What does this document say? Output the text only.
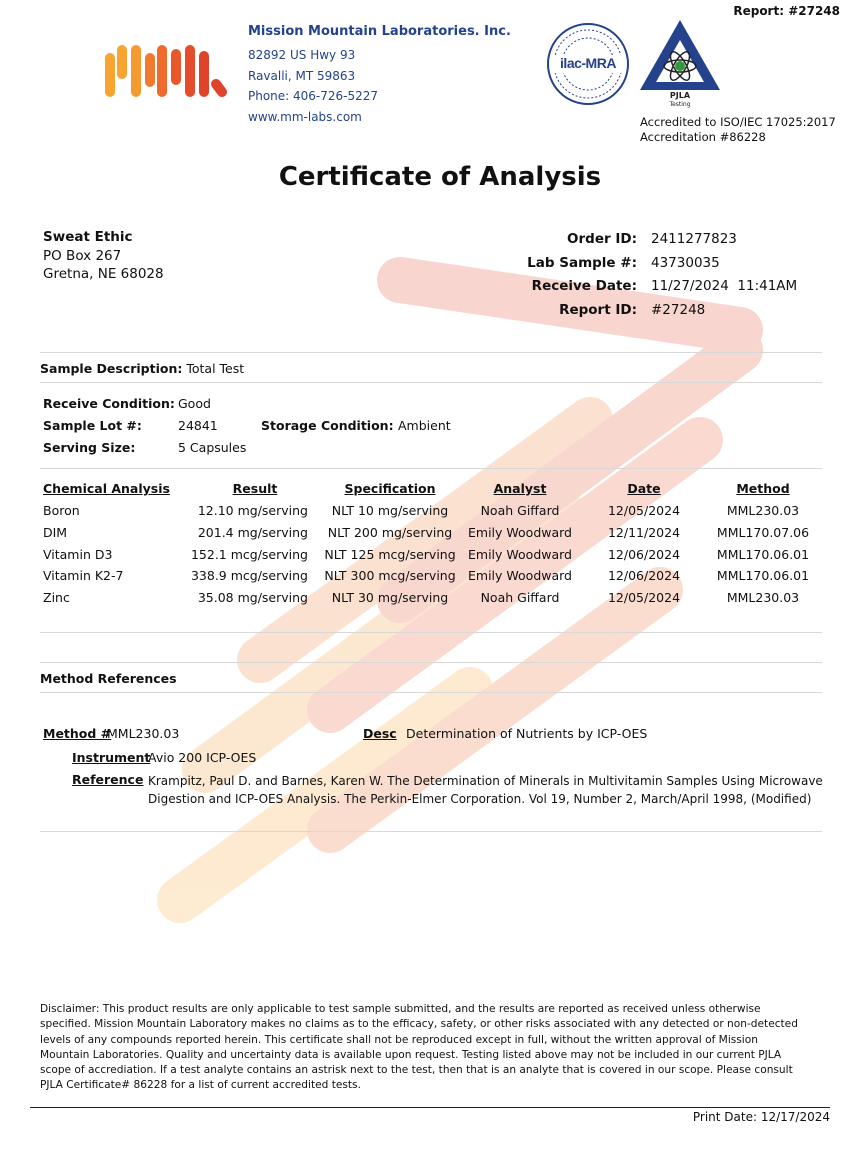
Report: #27248
Mission Mountain Laboratories. Inc.
82892 US Hwy 93
Ravalli, MT 59863
Phone: 406-726-5227
www.mm-labs.com
ilac-MRA
PJLA
Testing
Accredited to ISO/IEC 17025:2017
Accreditation #86228
Certificate of Analysis
Sweat Ethic
PO Box 267
Gretna, NE 68028
Order ID: 2411277823
Lab Sample #: 43730035
Receive Date: 11/27/2024  11:41AM
Report ID: #27248
Sample Description: Total Test
Receive Condition: Good
Sample Lot #:	24841	Storage Condition: Ambient
Serving Size:	5 Capsules
Chemical Analysis	Result	Specification	Analyst	Date	Method
Boron	12.10 mg/serving NLT 10 mg/serving	Noah Giffard	12/05/2024	MML230.03
DIM	201.4 mg/serving NLT 200 mg/serving Emily Woodward	12/11/2024	MML170.07.06
Vitamin D3	152.1 mcg/serving NLT 125 mcg/serving Emily Woodward	12/06/2024	MML170.06.01
Vitamin K2-7	338.9 mcg/serving NLT 300 mcg/serving Emily Woodward	12/06/2024	MML170.06.01
Zinc	35.08 mg/serving NLT 30 mg/serving	Noah Giffard	12/05/2024	MML230.03
Method References
Method #
MML230.03	Desc Determination of Nutrients by ICP-OES
Instrument
Avio 200 ICP-OES
Reference Krampitz, Paul D. and Barnes, Karen W. The Determination of Minerals in Multivitamin Samples Using Microwave
Digestion and ICP-OES Analysis. The Perkin-Elmer Corporation. Vol 19, Number 2, March/April 1998, (Modified)
Disclaimer: This product results are only applicable to test sample submitted, and the results are reported as received unless otherwise
specified. Mission Mountain Laboratory makes no claims as to the efficacy, safety, or other risks associated with any detected or non-detected
levels of any compounds reported herein. This certificate shall not be reproduced except in full, without the written approval of Mission
Mountain Laboratories. Quality and uncertainty data is available upon request. Testing listed above may not be included in our current PJLA
scope of accrediation. If a test analyte contains an astrisk next to the test, then that is an analyte that is covered in our scope. Please consult
PJLA Certificate# 86228 for a list of current accredited tests.
Print Date: 12/17/2024
